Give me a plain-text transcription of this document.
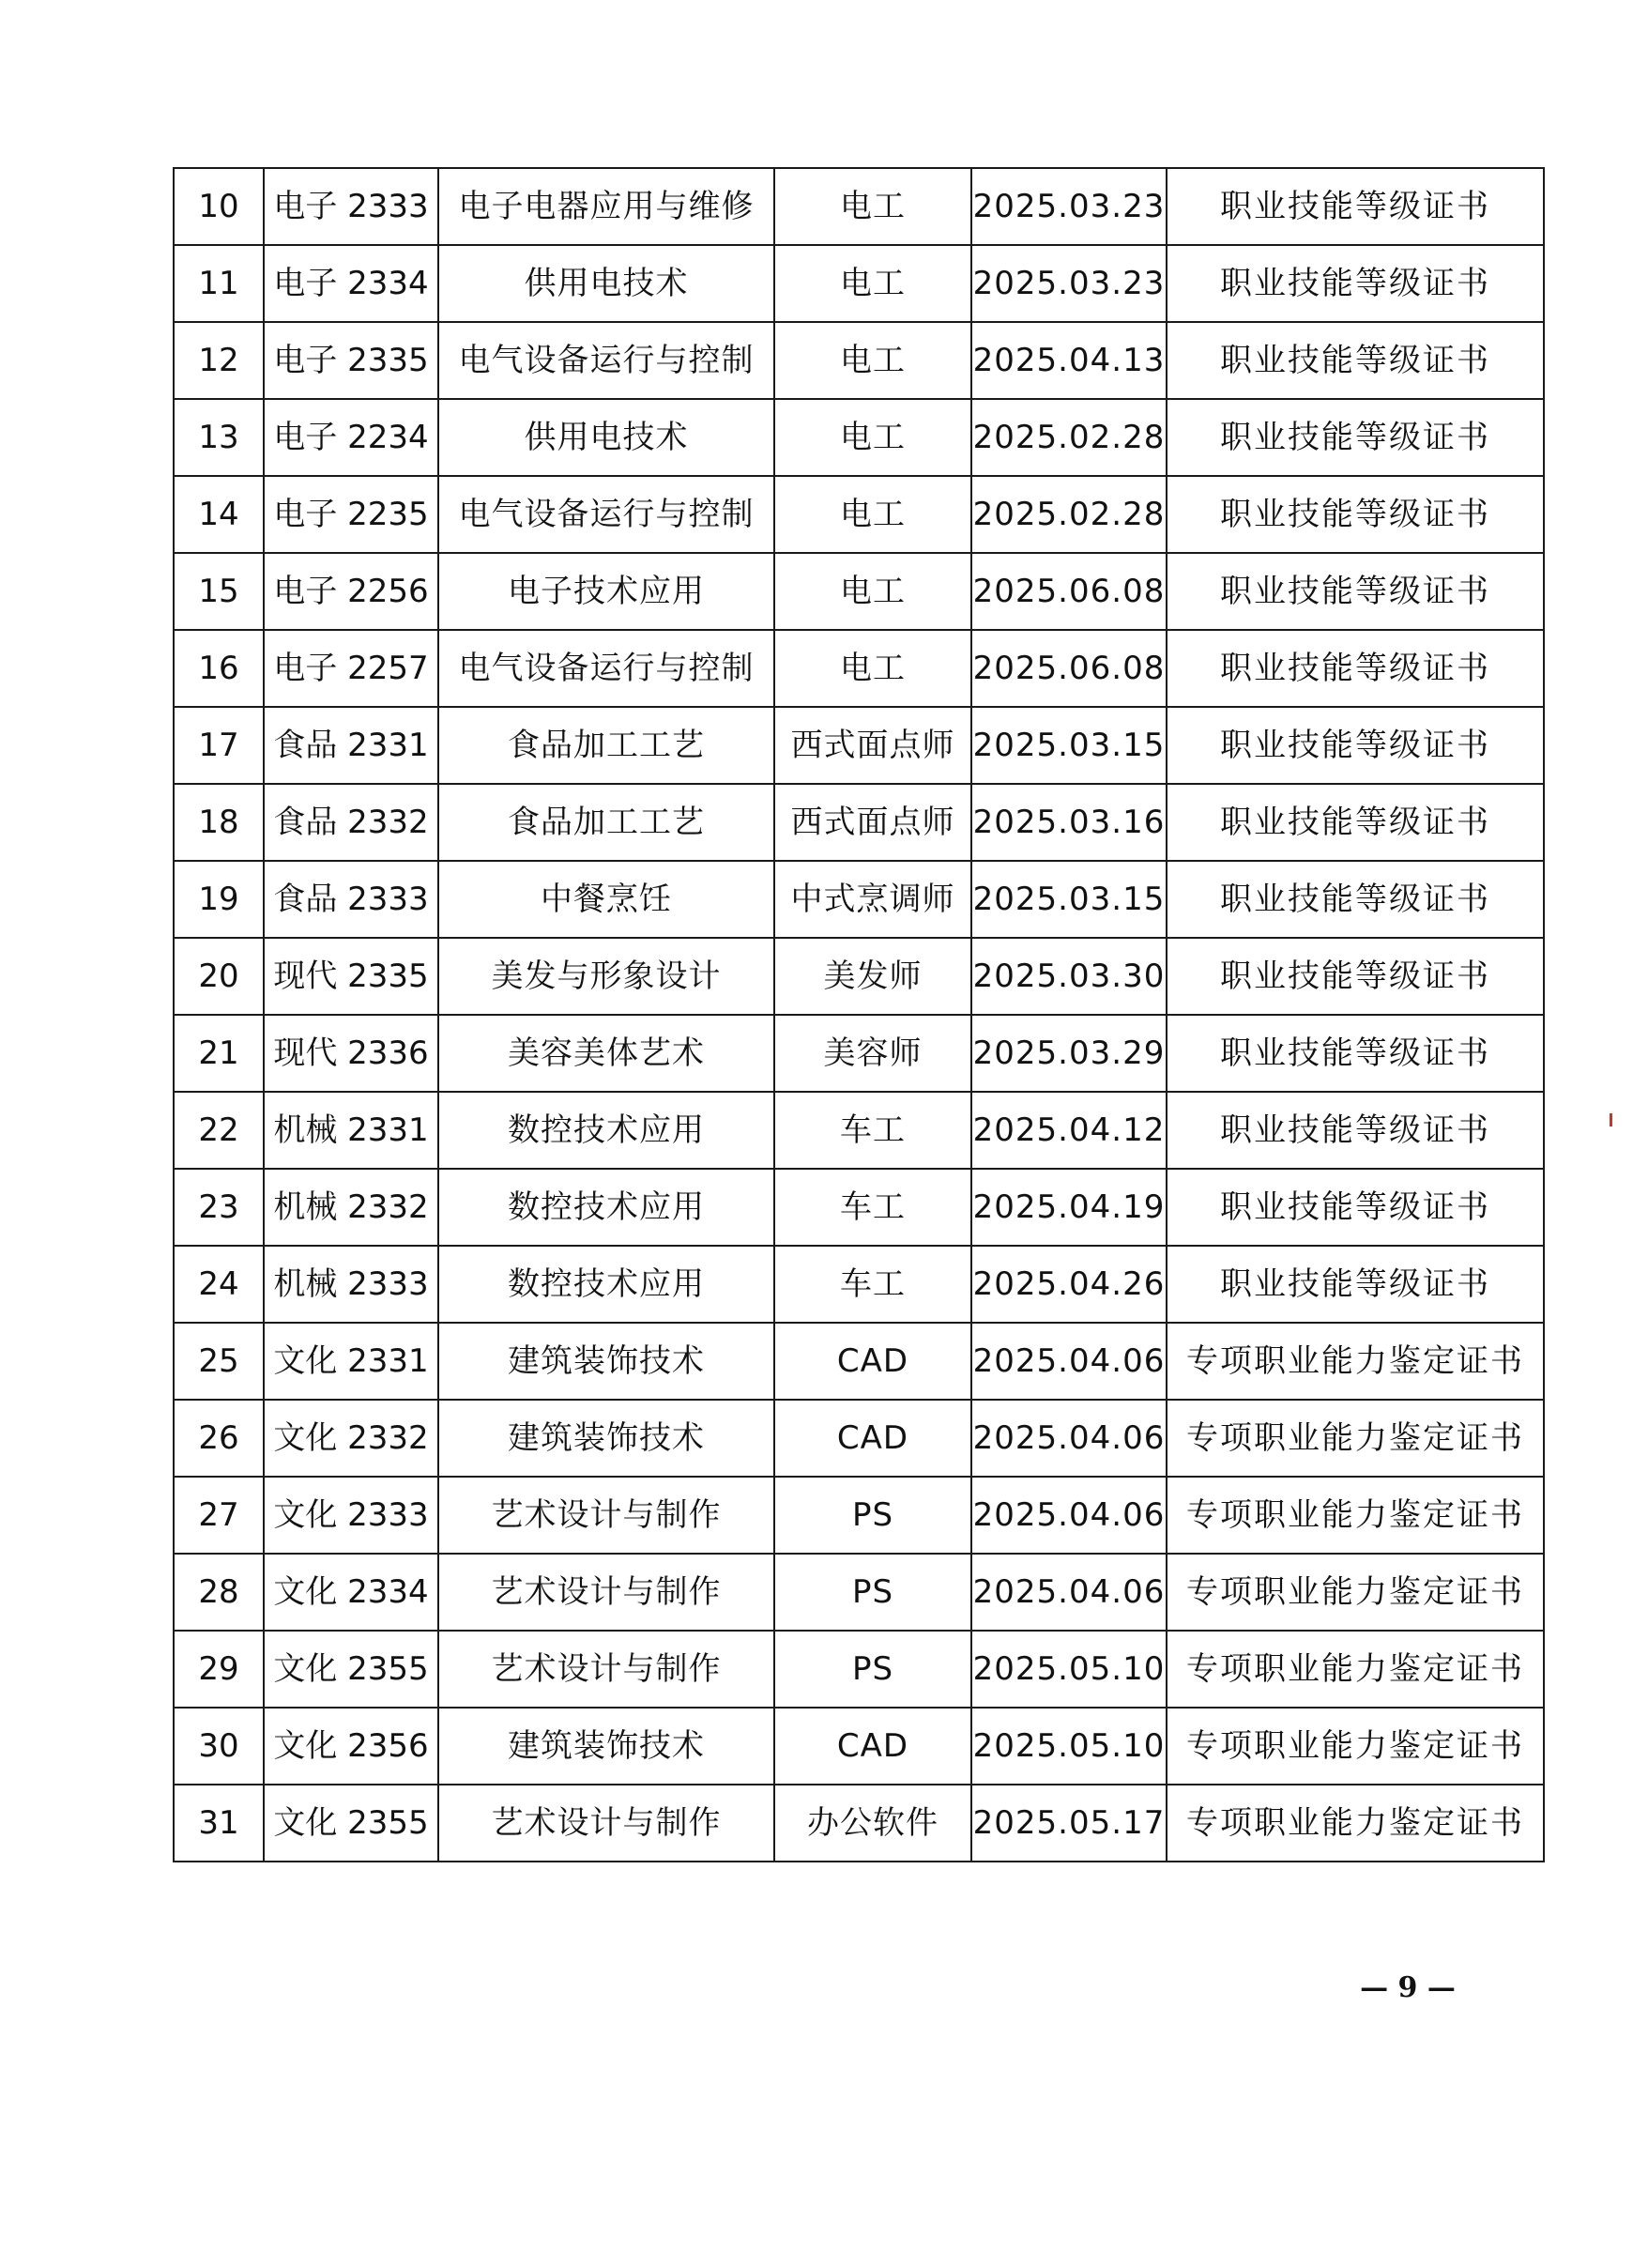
10	电子 2333	电子电器应用与维修	电工	2025.03.23	职业技能等级证书
11	电子 2334	供用电技术	电工	2025.03.23	职业技能等级证书
12	电子 2335	电气设备运行与控制	电工	2025.04.13	职业技能等级证书
13	电子 2234	供用电技术	电工	2025.02.28	职业技能等级证书
14	电子 2235	电气设备运行与控制	电工	2025.02.28	职业技能等级证书
15	电子 2256	电子技术应用	电工	2025.06.08	职业技能等级证书
16	电子 2257	电气设备运行与控制	电工	2025.06.08	职业技能等级证书
17	食品 2331	食品加工工艺	西式面点师	2025.03.15	职业技能等级证书
18	食品 2332	食品加工工艺	西式面点师	2025.03.16	职业技能等级证书
19	食品 2333	中餐烹饪	中式烹调师	2025.03.15	职业技能等级证书
20	现代 2335	美发与形象设计	美发师	2025.03.30	职业技能等级证书
21	现代 2336	美容美体艺术	美容师	2025.03.29	职业技能等级证书
22	机械 2331	数控技术应用	车工	2025.04.12	职业技能等级证书
23	机械 2332	数控技术应用	车工	2025.04.19	职业技能等级证书
24	机械 2333	数控技术应用	车工	2025.04.26	职业技能等级证书
25	文化 2331	建筑装饰技术	CAD	2025.04.06	专项职业能力鉴定证书
26	文化 2332	建筑装饰技术	CAD	2025.04.06	专项职业能力鉴定证书
27	文化 2333	艺术设计与制作	PS	2025.04.06	专项职业能力鉴定证书
28	文化 2334	艺术设计与制作	PS	2025.04.06	专项职业能力鉴定证书
29	文化 2355	艺术设计与制作	PS	2025.05.10	专项职业能力鉴定证书
30	文化 2356	建筑装饰技术	CAD	2025.05.10	专项职业能力鉴定证书
31	文化 2355	艺术设计与制作	办公软件	2025.05.17	专项职业能力鉴定证书
— 9 —
